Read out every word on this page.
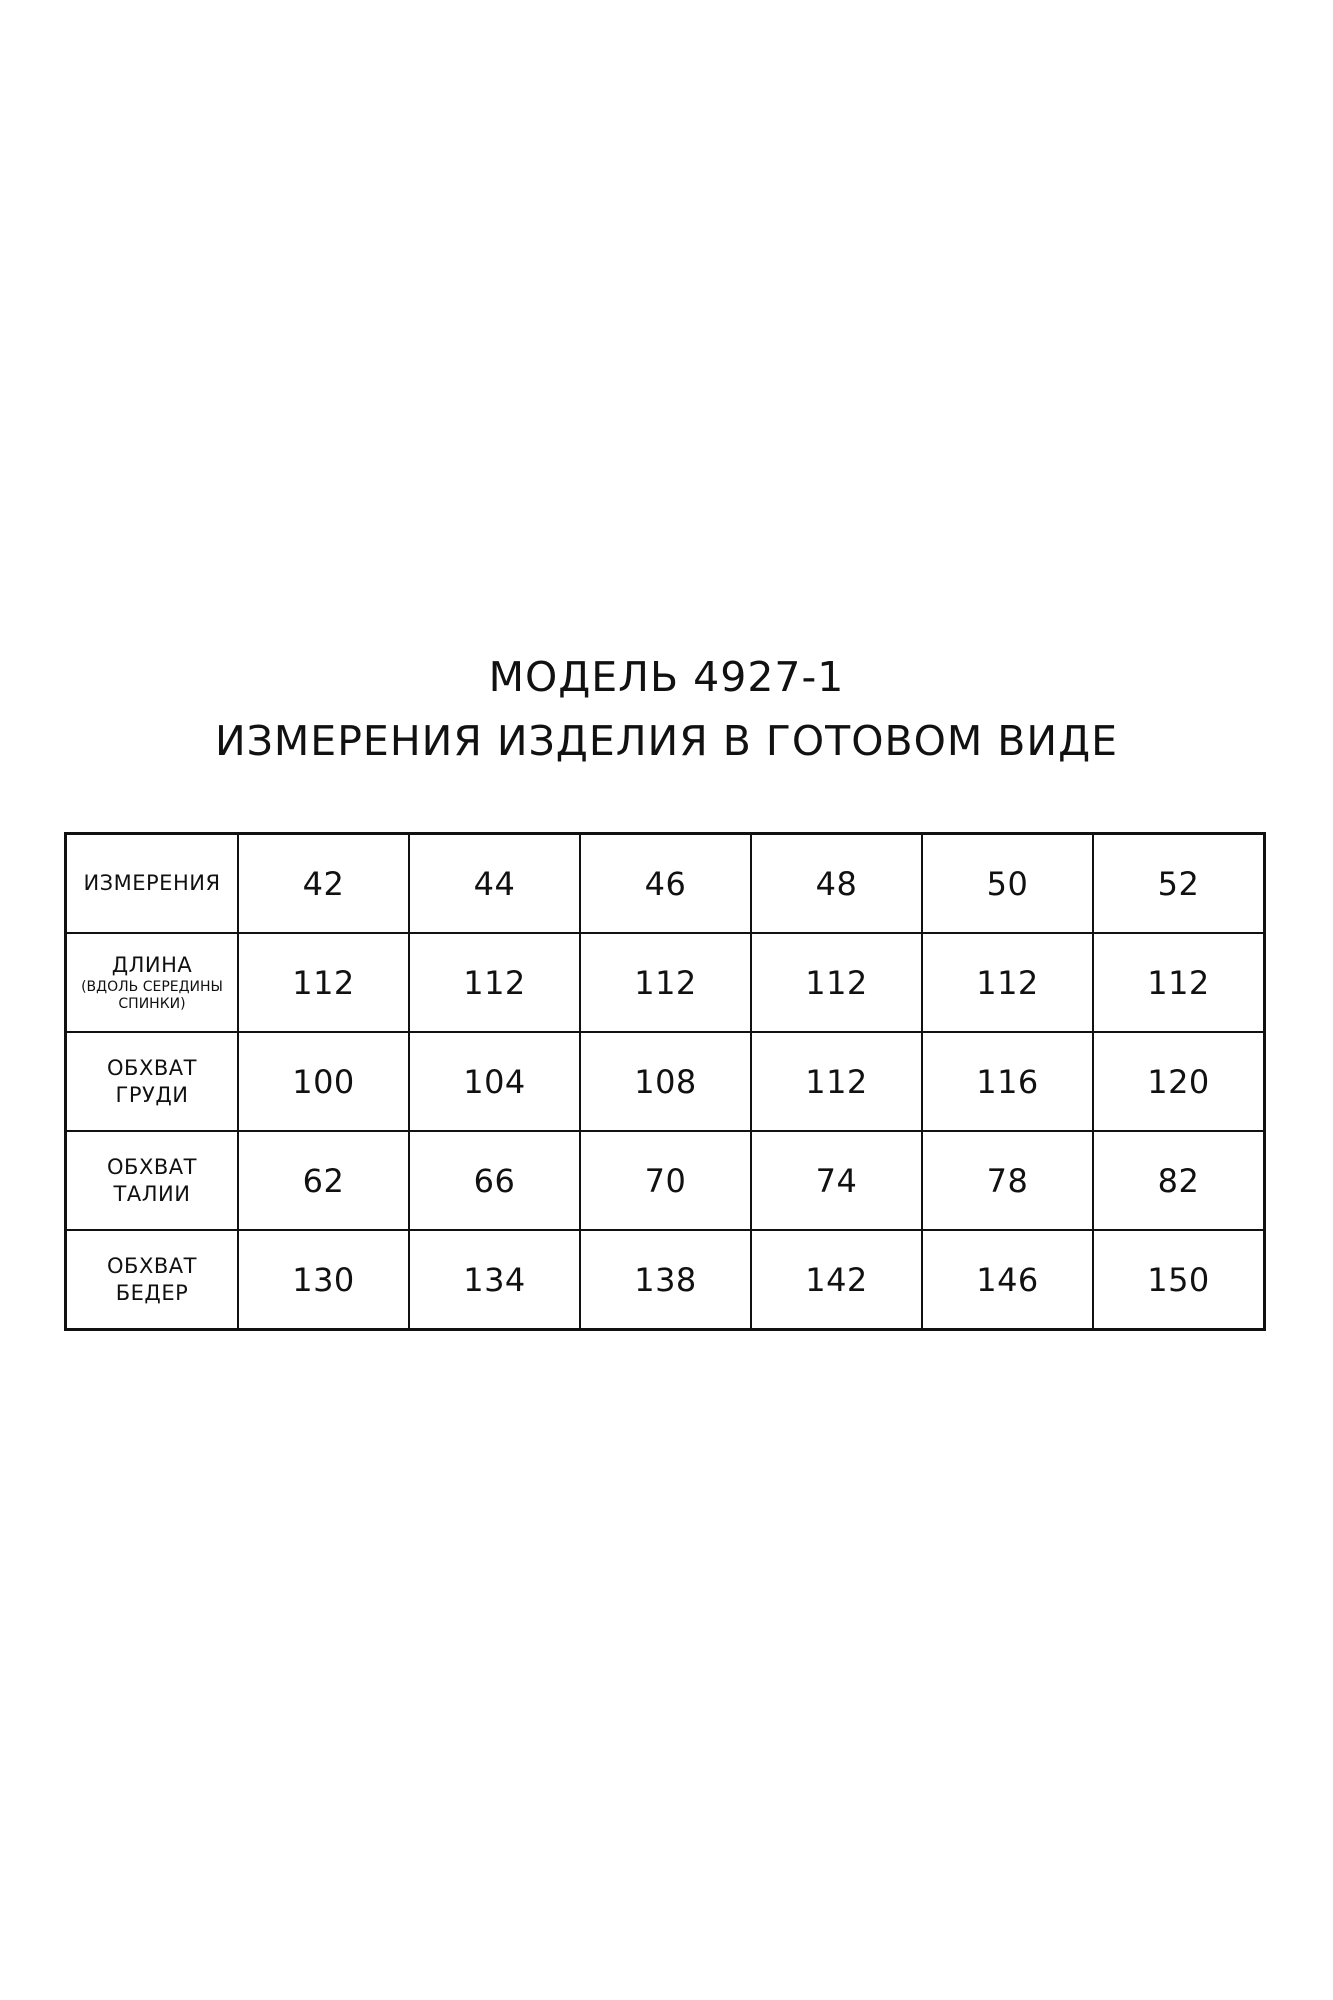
МОДЕЛЬ 4927-1
ИЗМЕРЕНИЯ ИЗДЕЛИЯ В ГОТОВОМ ВИДЕ
ИЗМЕРЕНИЯ	42	44	46	48	50	52

ДЛИНА
(ВДОЛЬ СЕРЕДИНЫ
СПИНКИ)	112	112	112	112	112	112

ОБХВАТ
ГРУДИ	100	104	108	112	116	120

ОБХВАТ
ТАЛИИ	62	66	70	74	78	82

ОБХВАТ
БЕДЕР	130	134	138	142	146	150
